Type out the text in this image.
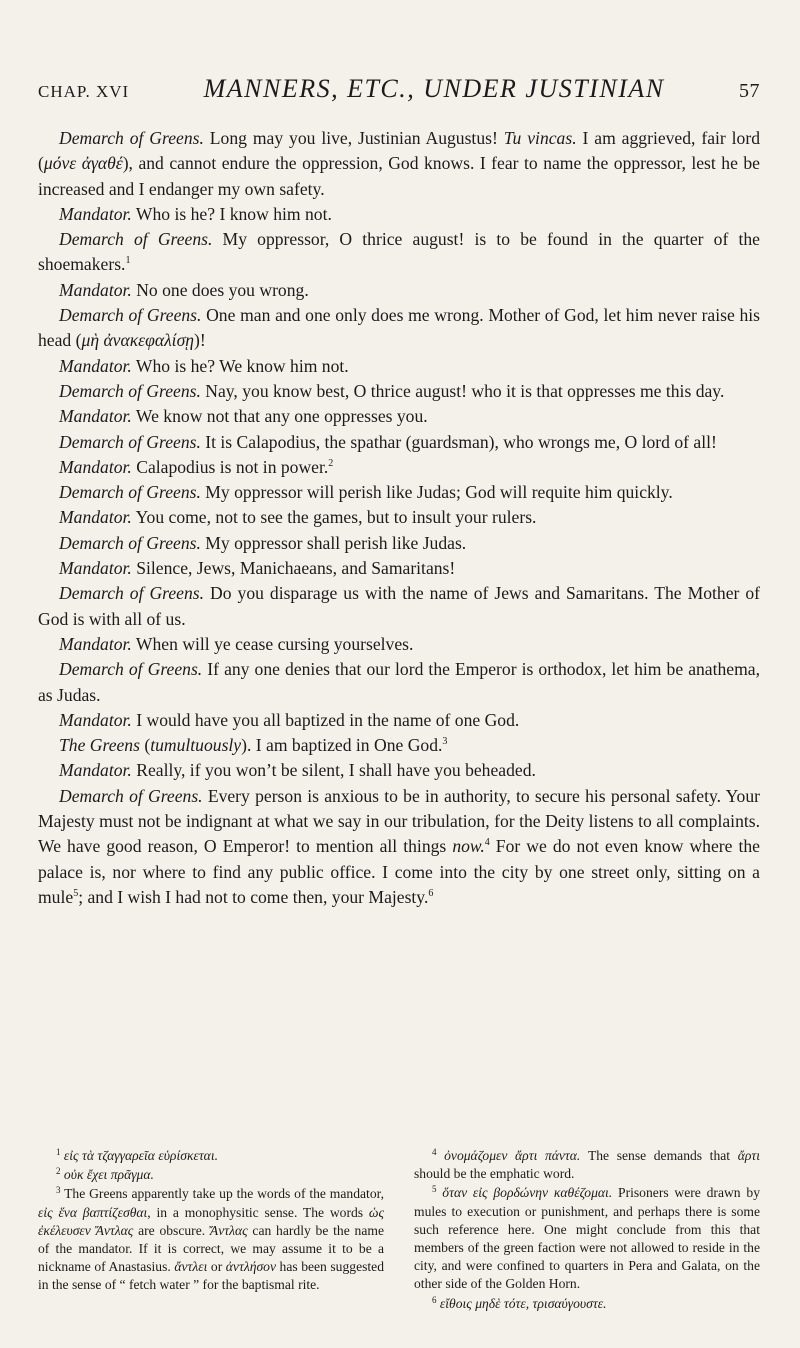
CHAP. XVI	MANNERS, ETC., UNDER JUSTINIAN	57

Demarch of Greens. Long may you live, Justinian Augustus! Tu vincas. I am aggrieved, fair lord (μόνε ἀγαθέ), and cannot endure the oppression, God knows. I fear to name the oppressor, lest he be increased and I endanger my own safety.

Mandator. Who is he? I know him not.

Demarch of Greens. My oppressor, O thrice august! is to be found in the quarter of the shoemakers.$^1$

Mandator. No one does you wrong.

Demarch of Greens. One man and one only does me wrong. Mother of God, let him never raise his head (μὴ ἀνακεφαλίσῃ)!

Mandator. Who is he? We know him not.

Demarch of Greens. Nay, you know best, O thrice august! who it is that oppresses me this day.

Mandator. We know not that any one oppresses you.

Demarch of Greens. It is Calapodius, the spathar (guardsman), who wrongs me, O lord of all!

Mandator. Calapodius is not in power.$^2$

Demarch of Greens. My oppressor will perish like Judas; God will requite him quickly.

Mandator. You come, not to see the games, but to insult your rulers.

Demarch of Greens. My oppressor shall perish like Judas.

Mandator. Silence, Jews, Manichaeans, and Samaritans!

Demarch of Greens. Do you disparage us with the name of Jews and Samaritans. The Mother of God is with all of us.

Mandator. When will ye cease cursing yourselves.

Demarch of Greens. If any one denies that our lord the Emperor is orthodox, let him be anathema, as Judas.

Mandator. I would have you all baptized in the name of one God.

The Greens (tumultuously). I am baptized in One God.$^3$

Mandator. Really, if you won’t be silent, I shall have you beheaded.

Demarch of Greens. Every person is anxious to be in authority, to secure his personal safety. Your Majesty must not be indignant at what we say in our tribulation, for the Deity listens to all complaints. We have good reason, O Emperor! to mention all things now.$^4$ For we do not even know where the palace is, nor where to find any public office. I come into the city by one street only, sitting on a mule$^5$; and I wish I had not to come then, your Majesty.$^6$

$^1$ εἰς τὰ τζαγγαρεῖα εὑρίσκεται.

$^2$ οὐκ ἔχει πρᾶγμα.

$^3$ The Greens apparently take up the words of the mandator, εἰς ἕνα βαπτίζεσθαι, in a monophysitic sense. The words ὡς ἐκέλευσεν Ἄντλας are obscure. Ἄντλας can hardly be the name of the mandator. If it is correct, we may assume it to be a nickname of Anastasius. ἄντλει or ἀντλήσον has been suggested in the sense of “ fetch water ” for the baptismal rite.

$^4$ ὀνομάζομεν ἄρτι πάντα. The sense demands that ἄρτι should be the emphatic word.

$^5$ ὅταν εἰς βορδώνην καθέζομαι. Prisoners were drawn by mules to execution or punishment, and perhaps there is some such reference here. One might conclude from this that members of the green faction were not allowed to reside in the city, and were confined to quarters in Pera and Galata, on the other side of the Golden Horn.

$^6$ εἴθοις μηδὲ τότε, τρισαύγουστε.
